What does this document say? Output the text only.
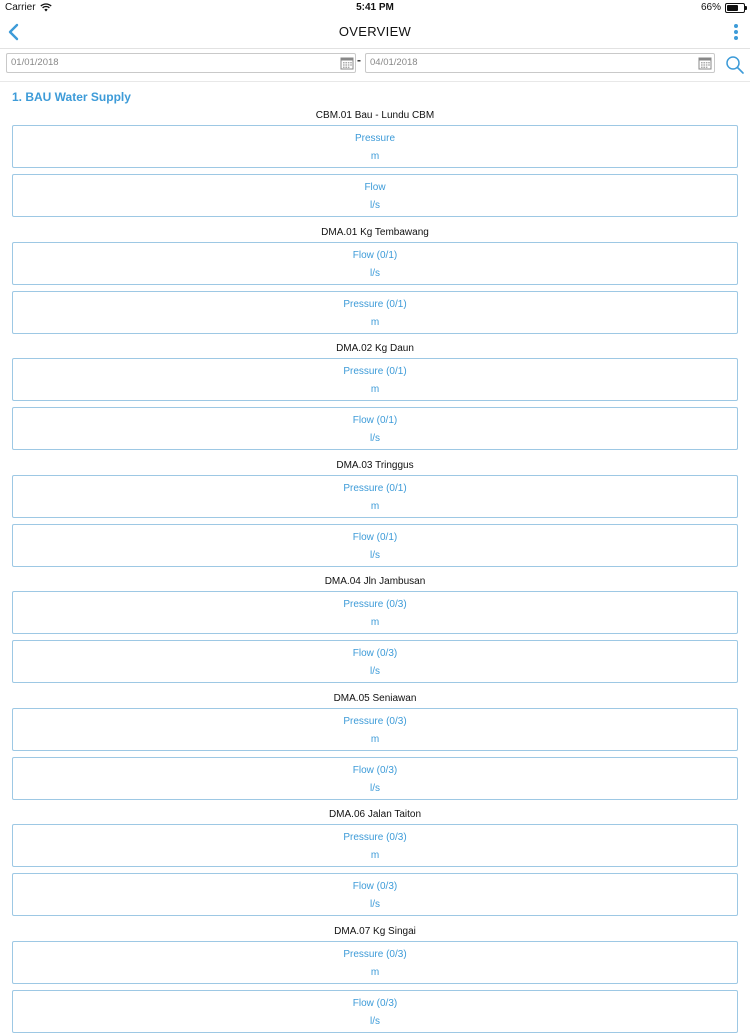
Carrier	5:41 PM	66%
OVERVIEW
01/01/2018	- 04/01/2018
1. BAU Water Supply
CBM.01 Bau - Lundu CBM
Pressure
m
Flow
l/s
DMA.01 Kg Tembawang
Flow (0/1)
l/s
Pressure (0/1)
m
DMA.02 Kg Daun
Pressure (0/1)
m
Flow (0/1)
l/s
DMA.03 Tringgus
Pressure (0/1)
m
Flow (0/1)
l/s
DMA.04 Jln Jambusan
Pressure (0/3)
m
Flow (0/3)
l/s
DMA.05 Seniawan
Pressure (0/3)
m
Flow (0/3)
l/s
DMA.06 Jalan Taiton
Pressure (0/3)
m
Flow (0/3)
l/s
DMA.07 Kg Singai
Pressure (0/3)
m
Flow (0/3)
l/s
